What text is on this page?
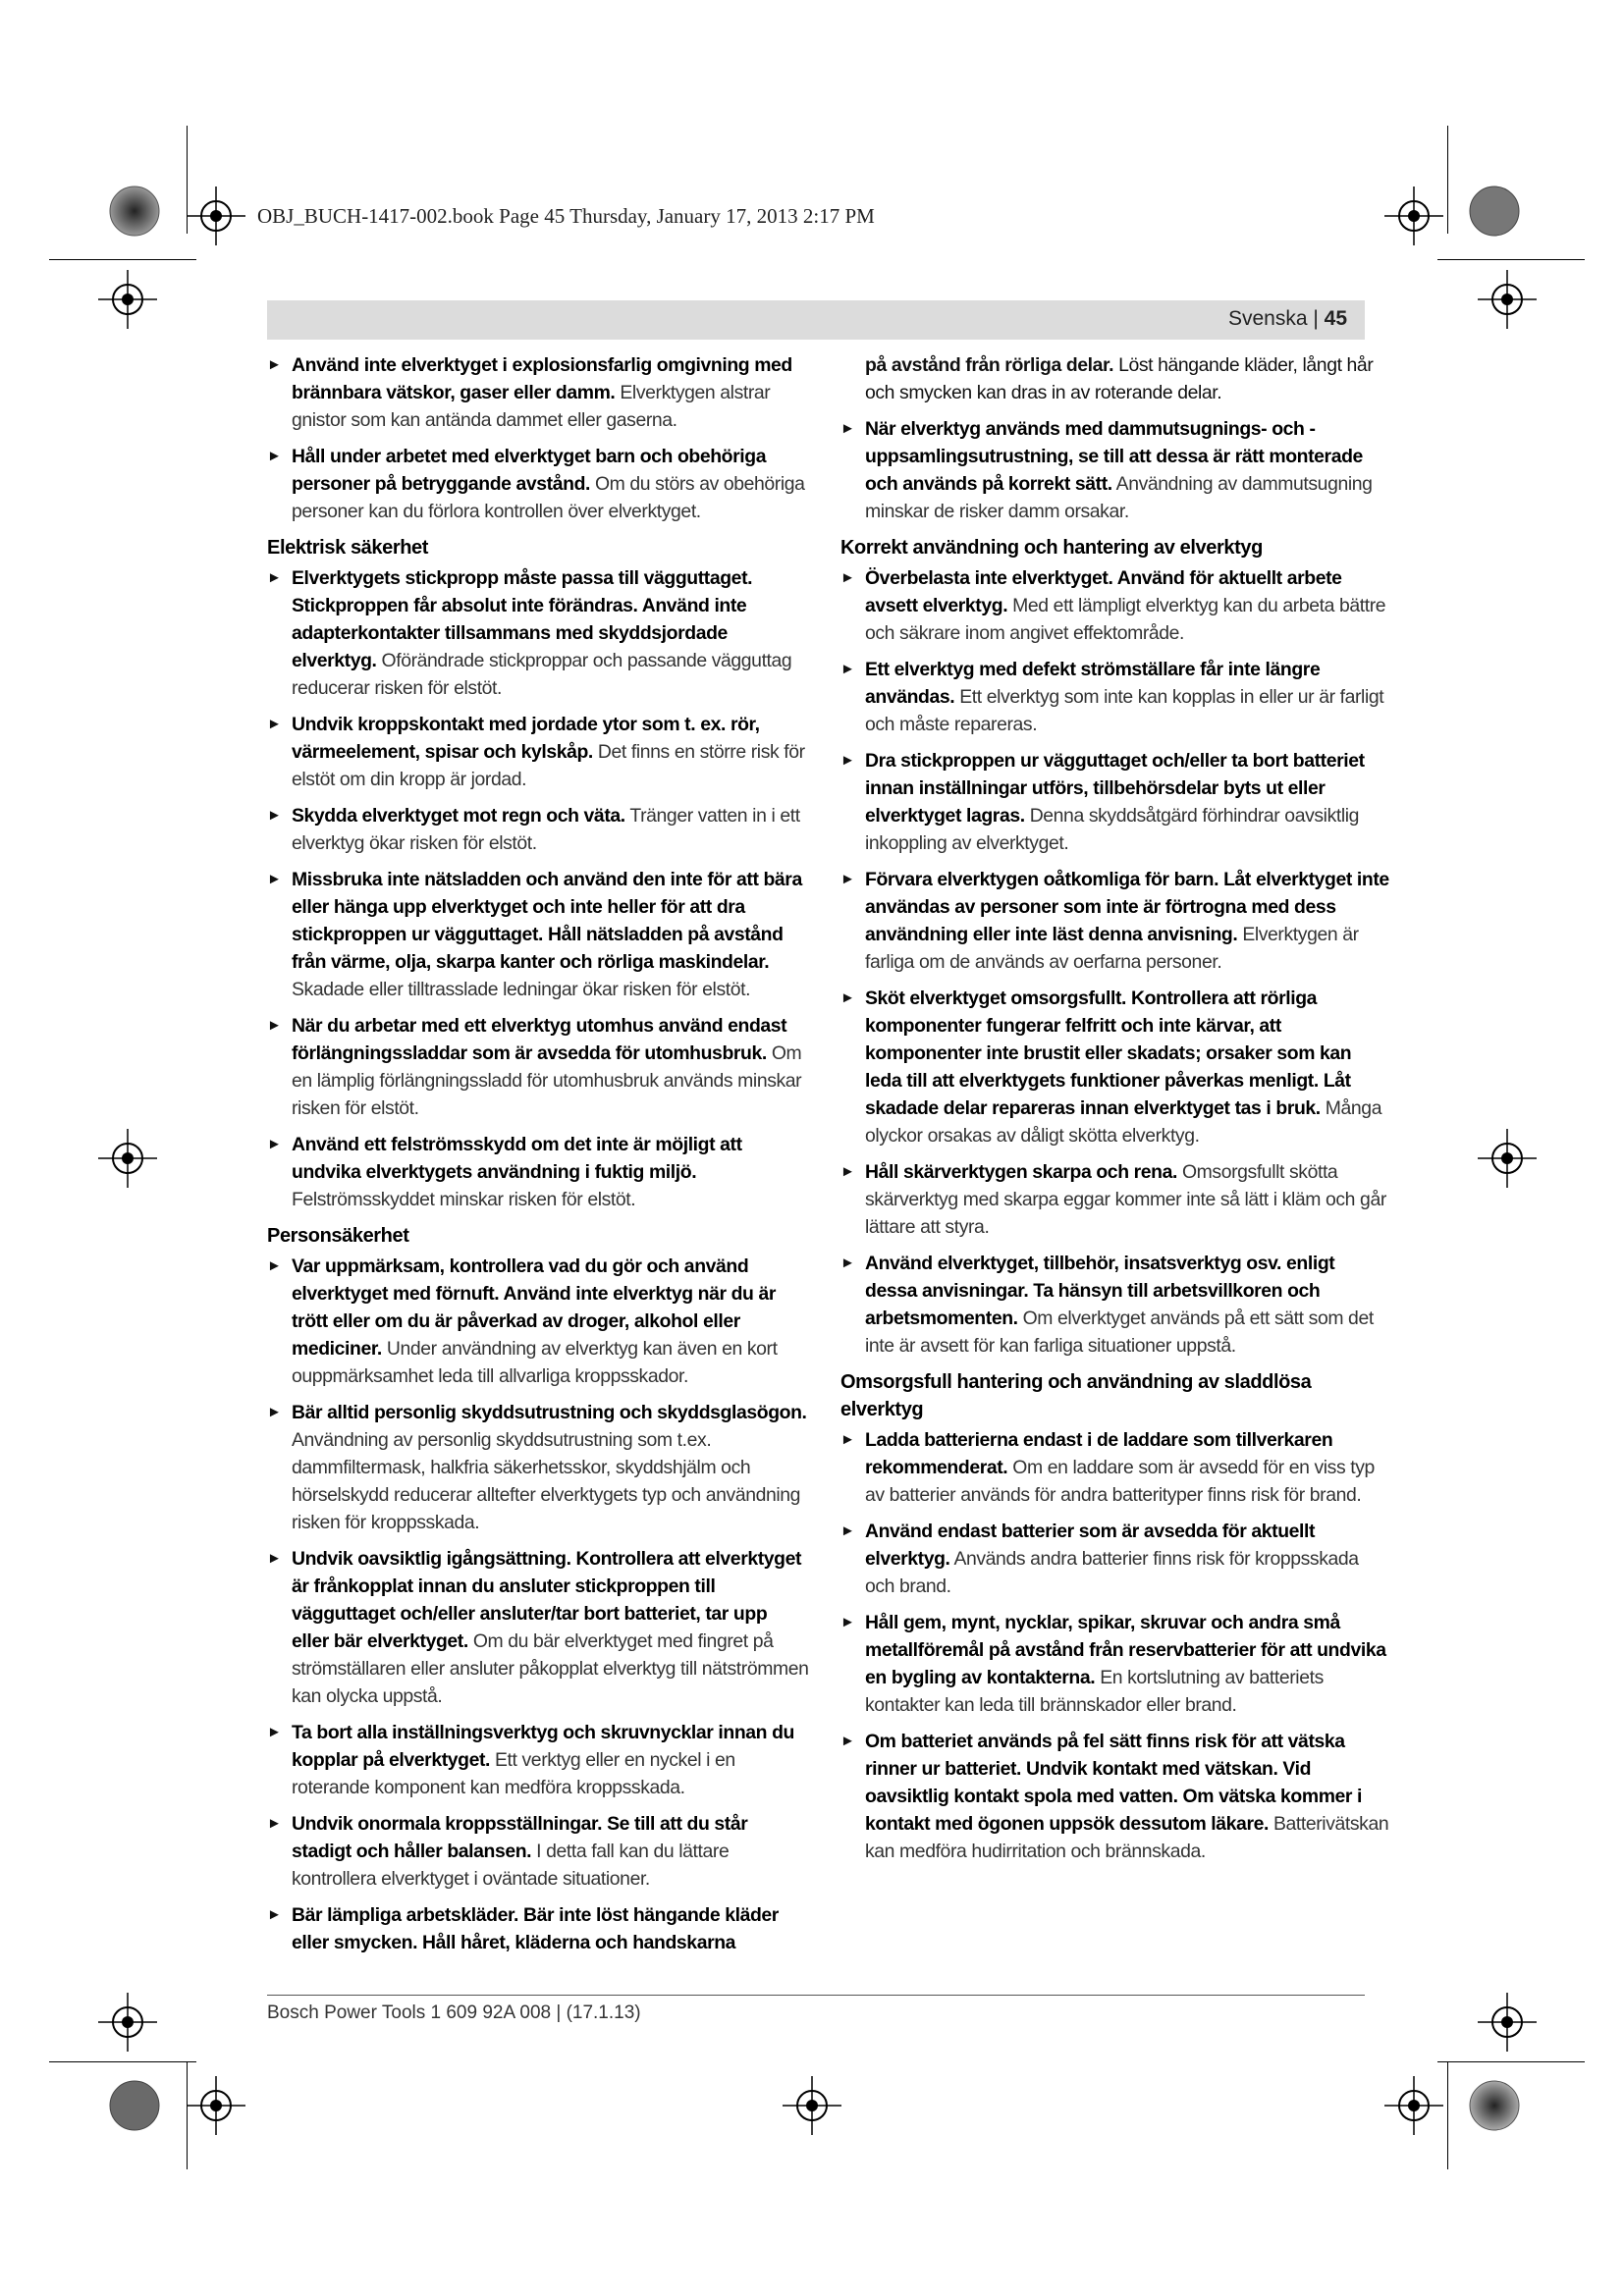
OBJ_BUCH-1417-002.book Page 45 Thursday, January 17, 2013 2:17 PM
Svenska | 45
► Använd inte elverktyget i explosionsfarlig omgivning med brännbara vätskor, gaser eller damm. Elverktygen alstrar gnistor som kan antända dammet eller gaserna.
► Håll under arbetet med elverktyget barn och obehöriga personer på betryggande avstånd. Om du störs av obehöriga personer kan du förlora kontrollen över elverktyget.
Elektrisk säkerhet
► Elverktygets stickpropp måste passa till vägguttaget. Stickproppen får absolut inte förändras. Använd inte adapterkontakter tillsammans med skyddsjordade elverktyg. Oförändrade stickproppar och passande vägguttag reducerar risken för elstöt.
► Undvik kroppskontakt med jordade ytor som t. ex. rör, värmeelement, spisar och kylskåp. Det finns en större risk för elstöt om din kropp är jordad.
► Skydda elverktyget mot regn och väta. Tränger vatten in i ett elverktyg ökar risken för elstöt.
► Missbruka inte nätsladden och använd den inte för att bära eller hänga upp elverktyget och inte heller för att dra stickproppen ur vägguttaget. Håll nätsladden på avstånd från värme, olja, skarpa kanter och rörliga maskindelar. Skadade eller tilltrasslade ledningar ökar risken för elstöt.
► När du arbetar med ett elverktyg utomhus använd endast förlängningssladdar som är avsedda för utomhusbruk. Om en lämplig förlängningssladd för utomhusbruk används minskar risken för elstöt.
► Använd ett felströmsskydd om det inte är möjligt att undvika elverktygets användning i fuktig miljö. Felströmsskyddet minskar risken för elstöt.
Personsäkerhet
► Var uppmärksam, kontrollera vad du gör och använd elverktyget med förnuft. Använd inte elverktyg när du är trött eller om du är påverkad av droger, alkohol eller mediciner. Under användning av elverktyg kan även en kort ouppmärksamhet leda till allvarliga kroppsskador.
► Bär alltid personlig skyddsutrustning och skyddsglasögon. Användning av personlig skyddsutrustning som t.ex. dammfiltermask, halkfria säkerhetsskor, skyddshjälm och hörselskydd reducerar alltefter elverktygets typ och användning risken för kroppsskada.
► Undvik oavsiktlig igångsättning. Kontrollera att elverktyget är frånkopplat innan du ansluter stickproppen till vägguttaget och/eller ansluter/tar bort batteriet, tar upp eller bär elverktyget. Om du bär elverktyget med fingret på strömställaren eller ansluter påkopplat elverktyg till nätströmmen kan olycka uppstå.
► Ta bort alla inställningsverktyg och skruvnycklar innan du kopplar på elverktyget. Ett verktyg eller en nyckel i en roterande komponent kan medföra kroppsskada.
► Undvik onormala kroppsställningar. Se till att du står stadigt och håller balansen. I detta fall kan du lättare kontrollera elverktyget i oväntade situationer.
► Bär lämpliga arbetskläder. Bär inte löst hängande kläder eller smycken. Håll håret, kläderna och handskarna
på avstånd från rörliga delar. Löst hängande kläder, långt hår och smycken kan dras in av roterande delar.
► När elverktyg används med dammutsugnings- och -uppsamlingsutrustning, se till att dessa är rätt monterade och används på korrekt sätt. Användning av dammutsugning minskar de risker damm orsakar.
Korrekt användning och hantering av elverktyg
► Överbelasta inte elverktyget. Använd för aktuellt arbete avsett elverktyg. Med ett lämpligt elverktyg kan du arbeta bättre och säkrare inom angivet effektområde.
► Ett elverktyg med defekt strömställare får inte längre användas. Ett elverktyg som inte kan kopplas in eller ur är farligt och måste repareras.
► Dra stickproppen ur vägguttaget och/eller ta bort batteriet innan inställningar utförs, tillbehörsdelar byts ut eller elverktyget lagras. Denna skyddsåtgärd förhindrar oavsiktlig inkoppling av elverktyget.
► Förvara elverktygen oåtkomliga för barn. Låt elverktyget inte användas av personer som inte är förtrogna med dess användning eller inte läst denna anvisning. Elverktygen är farliga om de används av oerfarna personer.
► Sköt elverktyget omsorgsfullt. Kontrollera att rörliga komponenter fungerar felfritt och inte kärvar, att komponenter inte brustit eller skadats; orsaker som kan leda till att elverktygets funktioner påverkas menligt. Låt skadade delar repareras innan elverktyget tas i bruk. Många olyckor orsakas av dåligt skötta elverktyg.
► Håll skärverktygen skarpa och rena. Omsorgsfullt skötta skärverktyg med skarpa eggar kommer inte så lätt i kläm och går lättare att styra.
► Använd elverktyget, tillbehör, insatsverktyg osv. enligt dessa anvisningar. Ta hänsyn till arbetsvillkoren och arbetsmomenten. Om elverktyget används på ett sätt som det inte är avsett för kan farliga situationer uppstå.
Omsorgsfull hantering och användning av sladdlösa elverktyg
► Ladda batterierna endast i de laddare som tillverkaren rekommenderat. Om en laddare som är avsedd för en viss typ av batterier används för andra batterityper finns risk för brand.
► Använd endast batterier som är avsedda för aktuellt elverktyg. Används andra batterier finns risk för kroppsskada och brand.
► Håll gem, mynt, nycklar, spikar, skruvar och andra små metallföremål på avstånd från reservbatterier för att undvika en bygling av kontakterna. En kortslutning av batteriets kontakter kan leda till brännskador eller brand.
► Om batteriet används på fel sätt finns risk för att vätska rinner ur batteriet. Undvik kontakt med vätskan. Vid oavsiktlig kontakt spola med vatten. Om vätska kommer i kontakt med ögonen uppsök dessutom läkare. Batterivätskan kan medföra hudirritation och brännskada.
Bosch Power Tools 1 609 92A 008 | (17.1.13)
